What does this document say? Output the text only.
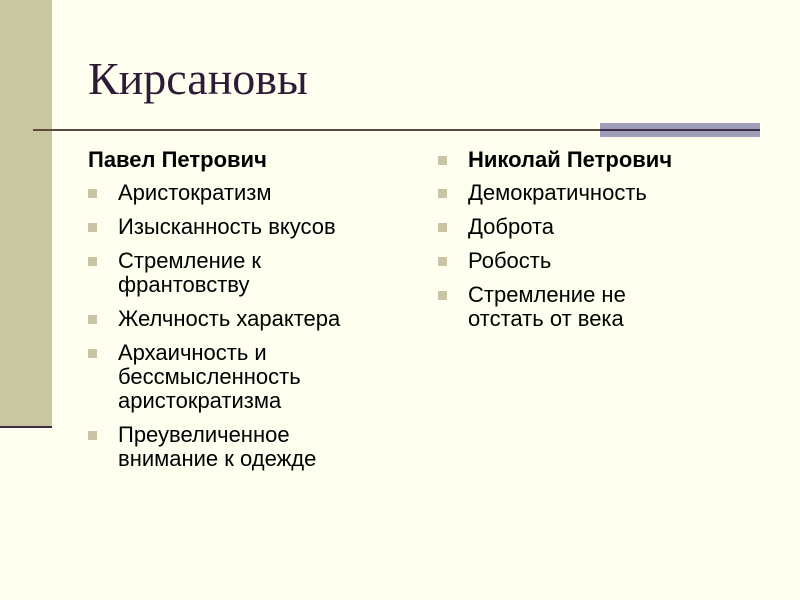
Кирсановы
Павел Петрович
Аристократизм
Изысканность вкусов
Стремление к
франтовству
Желчность характера
Архаичность и
бессмысленность
аристократизма
Преувеличенное
внимание к одежде
Николай Петрович
Демократичность
Доброта
Робость
Стремление не
отстать от века
